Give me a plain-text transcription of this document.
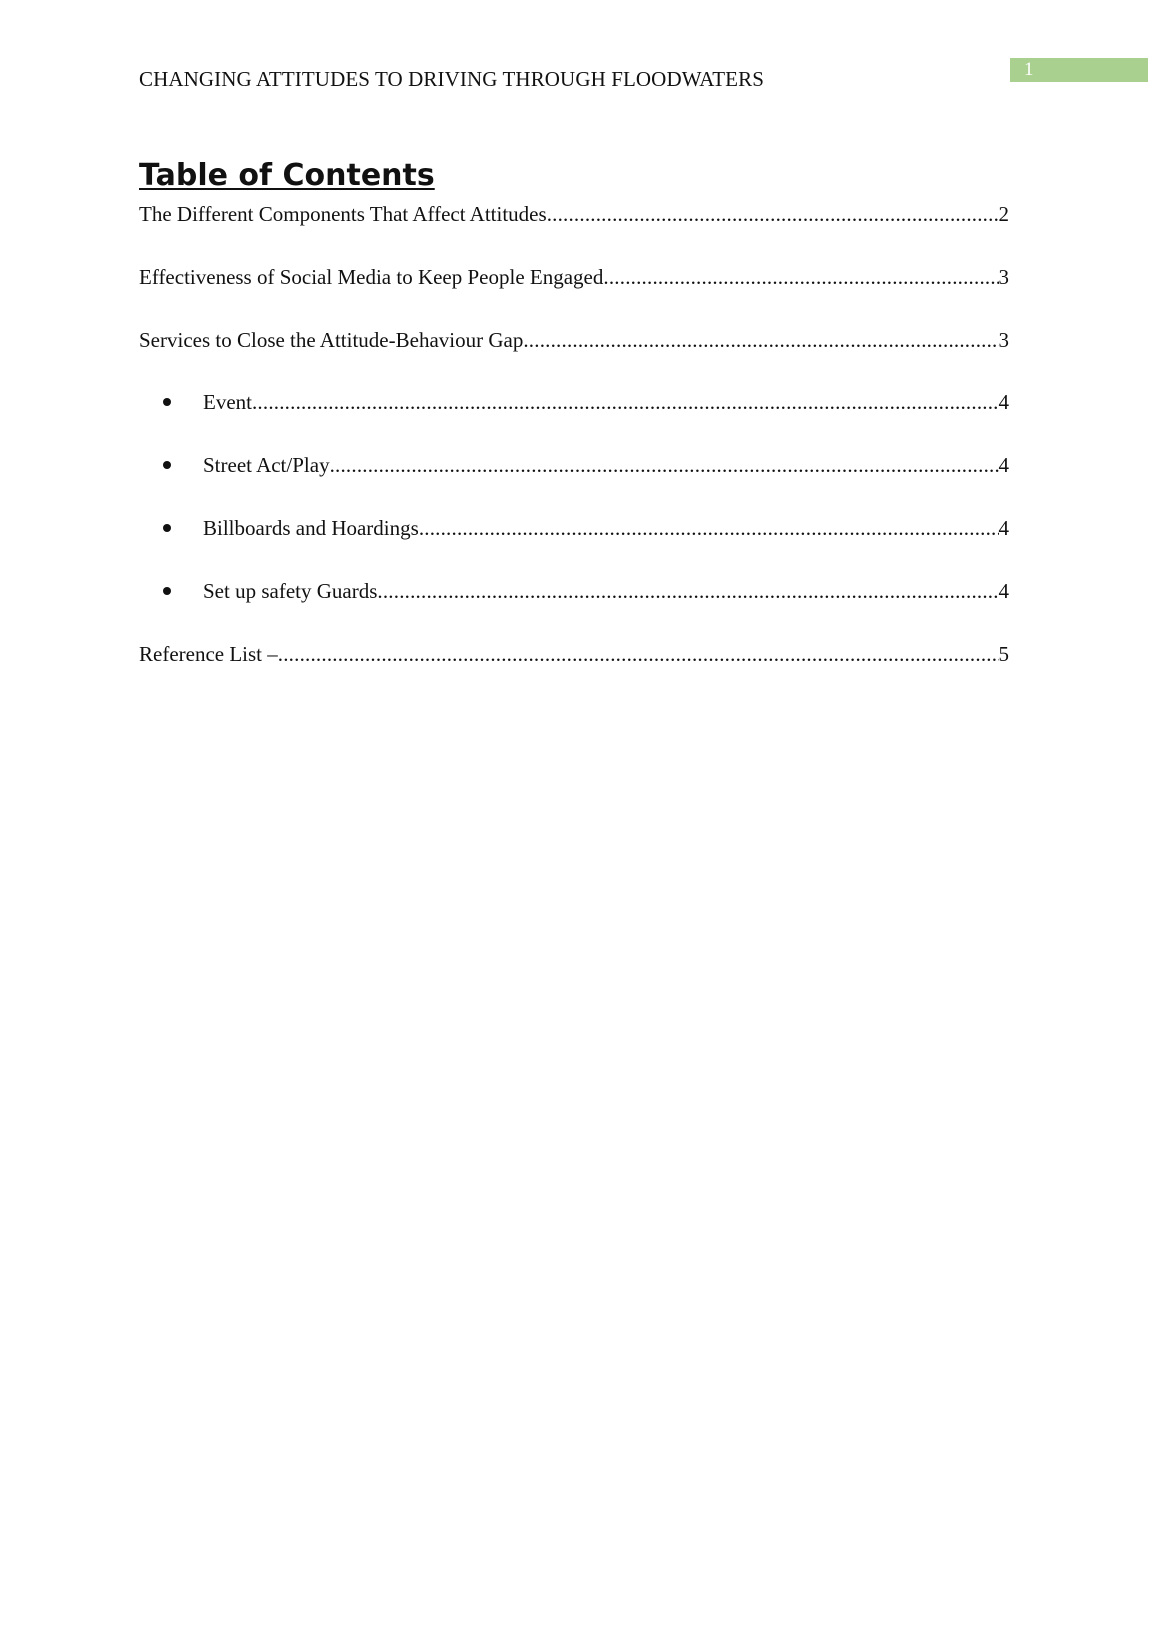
CHANGING ATTITUDES TO DRIVING THROUGH FLOODWATERS	1
Table of Contents
The Different Components That Affect Attitudes .....	2
Effectiveness of Social Media to Keep People Engaged .....	3
Services to Close the Attitude-Behaviour Gap .....	3
Event .....	4
Street Act/Play .....	4
Billboards and Hoardings .....	4
Set up safety Guards .....	4
Reference List – .....	5
